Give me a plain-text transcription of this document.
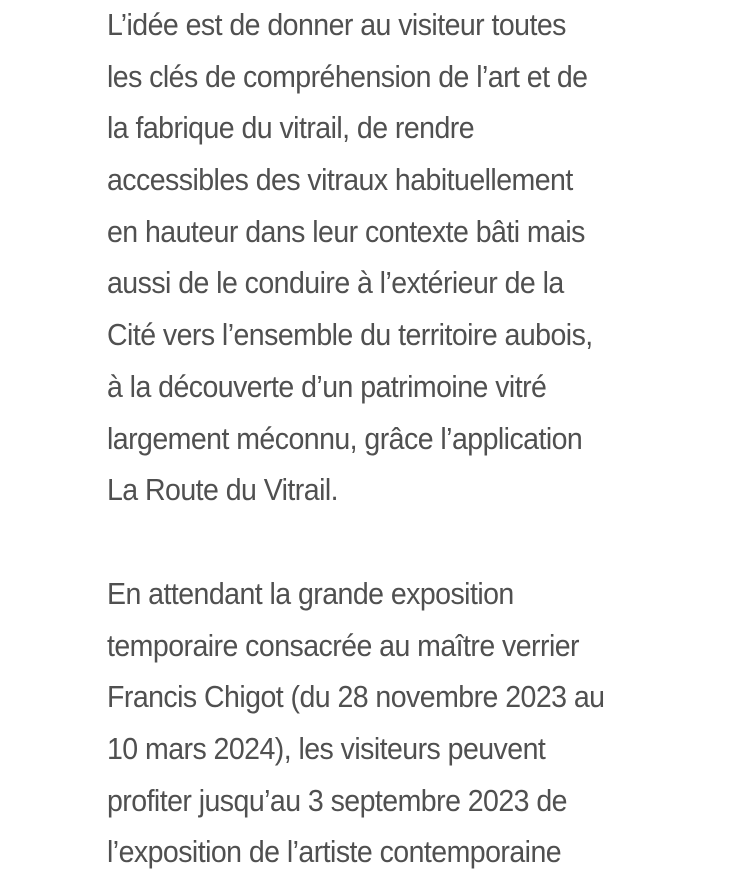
L’idée est de donner au visiteur toutes
les clés de compréhension de l’art et de
la fabrique du vitrail, de rendre
accessibles des vitraux habituellement
en hauteur dans leur contexte bâti mais
aussi de le conduire à l’extérieur de la
Cité vers l’ensemble du territoire aubois,
à la découverte d’un patrimoine vitré
largement méconnu, grâce l’application
La Route du Vitrail.

En attendant la grande exposition
temporaire consacrée au maître verrier
Francis Chigot (du 28 novembre 2023 au
10 mars 2024), les visiteurs peuvent
profiter jusqu’au 3 septembre 2023 de
l’exposition de l’artiste contemporaine
